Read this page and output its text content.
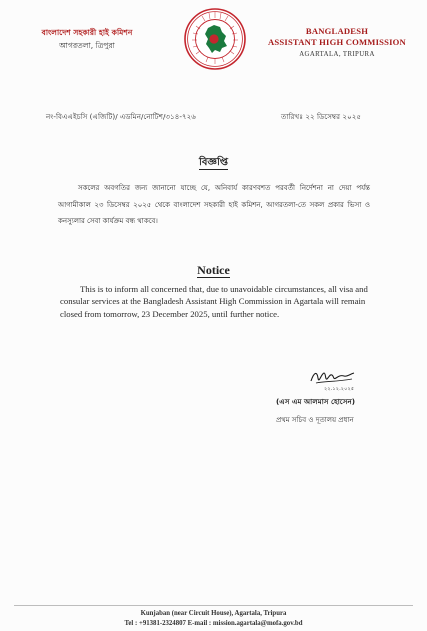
বাংলাদেশ সহকারী হাই কমিশন
আগরতলা, ত্রিপুরা
BANGLADESH
ASSISTANT HIGH COMMISSION
AGARTALA, TRIPURA
নং-বিএএইচসি (এজিটি)/ এডমিন/নোটিশ/৩১৪-৭২৬	তারিখঃ ২২ ডিসেম্বর ২০২৫
বিজ্ঞপ্তি
সকলের অবগতির জন্য জানানো যাচ্ছে যে, অনিবার্য কারণবশত পরবর্তী নির্দেশনা না দেয়া পর্যন্ত আগামীকাল ২৩ ডিসেম্বর ২০২৫ থেকে বাংলাদেশ সহকারী হাই কমিশন, আগরতলা-তে সকল প্রকার ভিসা ও কনস্যুলার সেবা কার্যক্রম বন্ধ থাকবে।
Notice
This is to inform all concerned that, due to unavoidable circumstances, all visa and consular services at the Bangladesh Assistant High Commission in Agartala will remain closed from tomorrow, 23 December 2025, until further notice.
২২.১২.২০২৫
(এস এম আলমাস হোসেন)
প্রথম সচিব ও দূতালয় প্রধান
Kunjaban (near Circuit House), Agartala, Tripura
Tel : +91381-2324807 E-mail : mission.agartala@mofa.gov.bd
